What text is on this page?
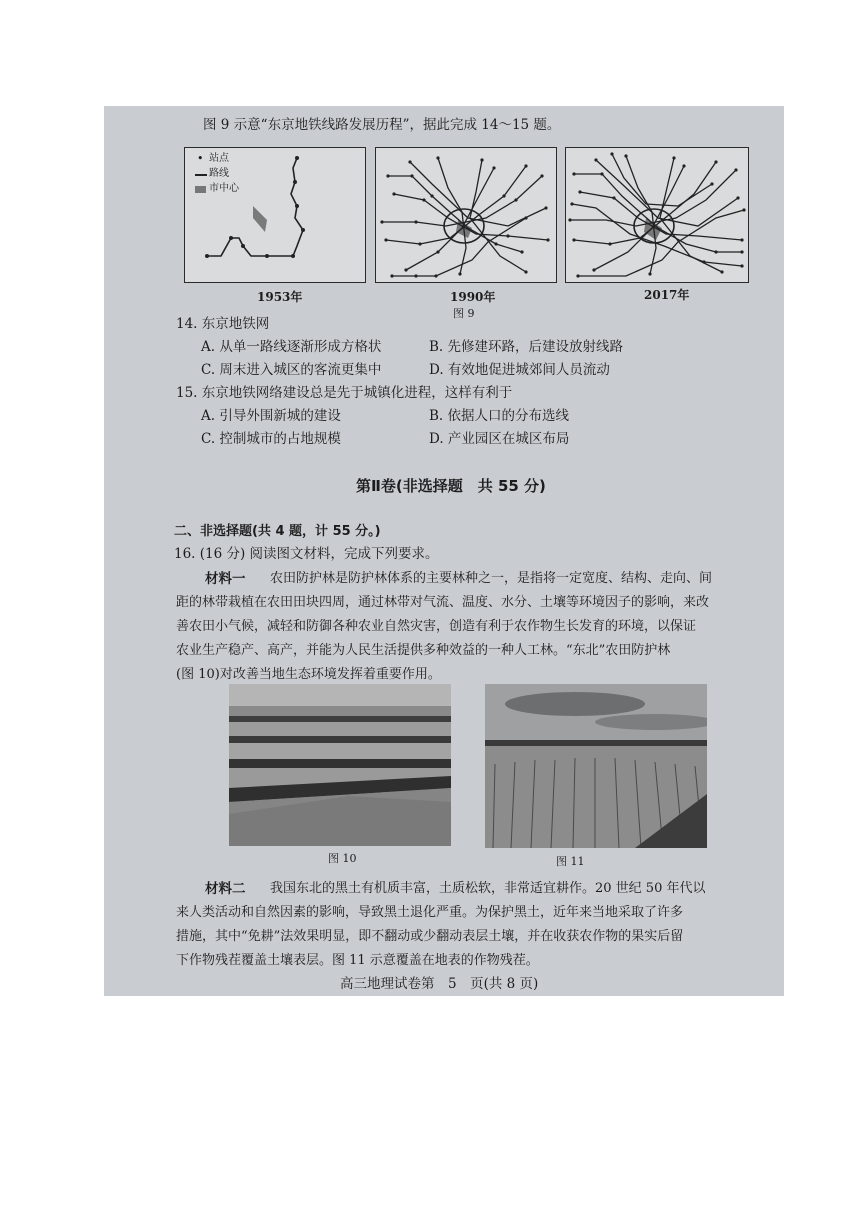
图 9 示意“东京地铁线路发展历程”，据此完成 14～15 题。
• 站点
路线
市中心
1953年	1990年	2017年
图 9
14. 东京地铁网
A. 从单一路线逐渐形成方格状	B. 先修建环路，后建设放射线路
C. 周末进入城区的客流更集中	D. 有效地促进城郊间人员流动
15. 东京地铁网络建设总是先于城镇化进程，这样有利于
A. 引导外围新城的建设	B. 依据人口的分布选线
C. 控制城市的占地规模	D. 产业园区在城区布局
第Ⅱ卷(非选择题　共 55 分)
二、非选择题(共 4 题，计 55 分。)
16. (16 分) 阅读图文材料，完成下列要求。
材料一 农田防护林是防护林体系的主要林种之一，是指将一定宽度、结构、走向、间
距的林带栽植在农田田块四周，通过林带对气流、温度、水分、土壤等环境因子的影响，来改
善农田小气候，减轻和防御各种农业自然灾害，创造有利于农作物生长发育的环境，以保证
农业生产稳产、高产，并能为人民生活提供多种效益的一种人工林。“东北”农田防护林
(图 10)对改善当地生态环境发挥着重要作用。
图 10	图 11
材料二 我国东北的黑土有机质丰富，土质松软，非常适宜耕作。20 世纪 50 年代以
来人类活动和自然因素的影响，导致黑土退化严重。为保护黑土，近年来当地采取了许多
措施，其中“免耕”法效果明显，即不翻动或少翻动表层土壤，并在收获农作物的果实后留
下作物残茬覆盖土壤表层。图 11 示意覆盖在地表的作物残茬。
高三地理试卷第　5　页(共 8 页)
